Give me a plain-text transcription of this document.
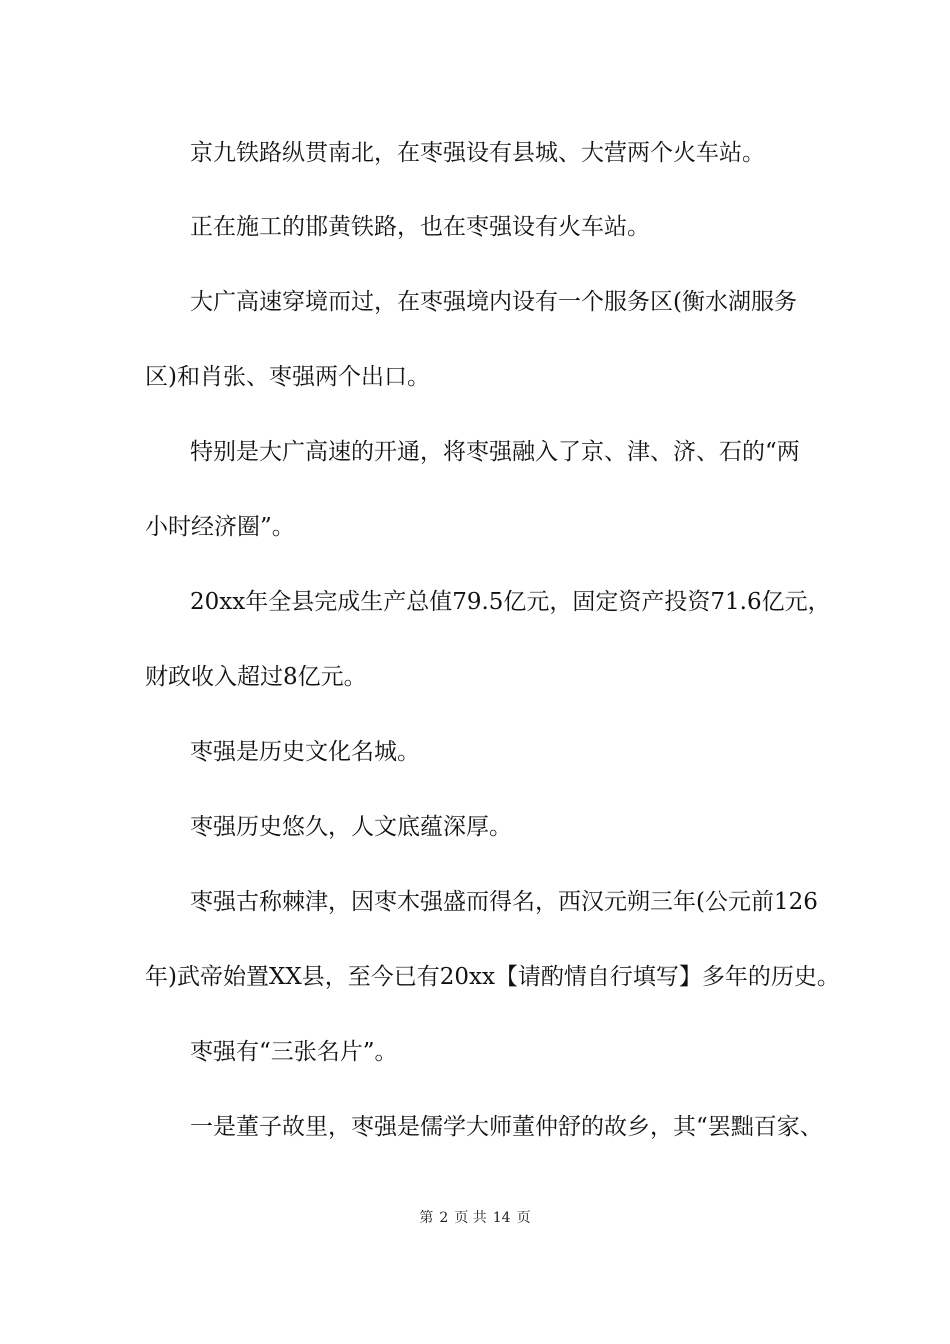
京九铁路纵贯南北，在枣强设有县城、大营两个火车站。
正在施工的邯黄铁路，也在枣强设有火车站。
大广高速穿境而过，在枣强境内设有一个服务区(衡水湖服务
区)和肖张、枣强两个出口。
特别是大广高速的开通，将枣强融入了京、津、济、石的“两
小时经济圈”。
20xx年全县完成生产总值79.5亿元，固定资产投资71.6亿元，
财政收入超过8亿元。
枣强是历史文化名城。
枣强历史悠久，人文底蕴深厚。
枣强古称棘津，因枣木强盛而得名，西汉元朔三年(公元前126
年)武帝始置XX县，至今已有20xx【请酌情自行填写】多年的历史。
枣强有“三张名片”。
一是董子故里，枣强是儒学大师董仲舒的故乡，其“罢黜百家、
第 2 页 共 14 页
